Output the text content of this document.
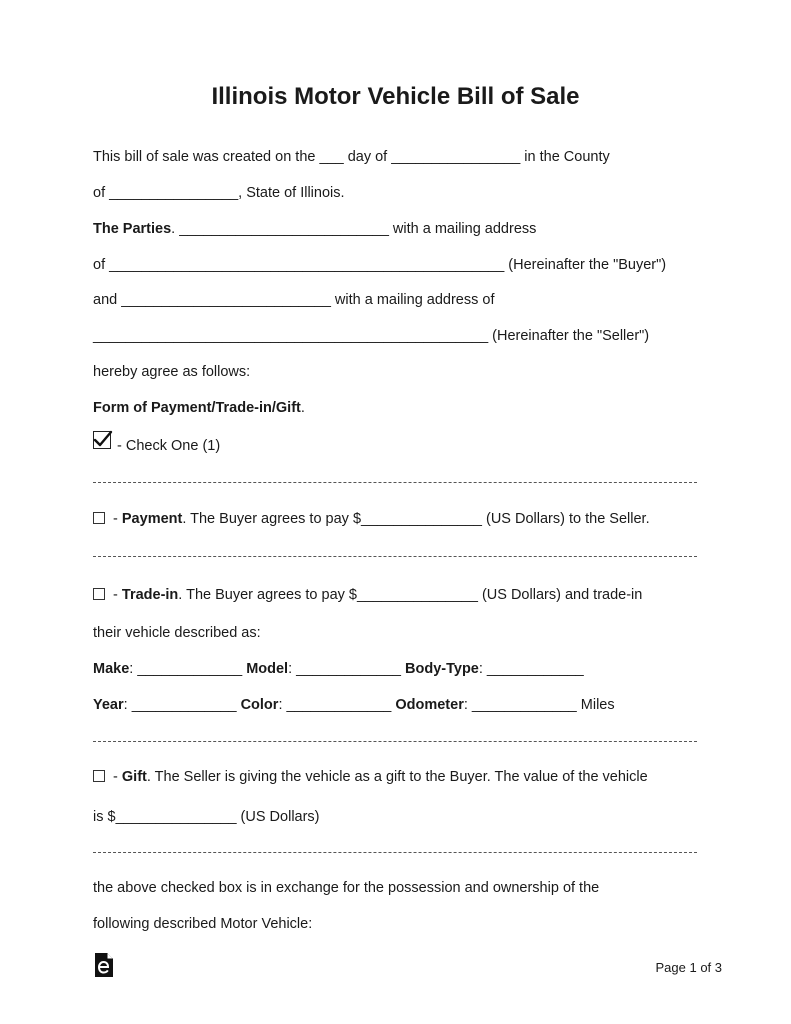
Illinois Motor Vehicle Bill of Sale
This bill of sale was created on the ___ day of ________________ in the County
of ________________, State of Illinois.
The Parties. __________________________ with a mailing address
of _________________________________________________ (Hereinafter the "Buyer")
and __________________________ with a mailing address of
_________________________________________________ (Hereinafter the "Seller")
hereby agree as follows:
Form of Payment/Trade-in/Gift.
- Check One (1)
- Payment. The Buyer agrees to pay $_______________ (US Dollars) to the Seller.
- Trade-in. The Buyer agrees to pay $_______________ (US Dollars) and trade-in
their vehicle described as:
Make: _____________ Model: _____________ Body-Type: ____________
Year: _____________ Color: _____________ Odometer: _____________ Miles
- Gift. The Seller is giving the vehicle as a gift to the Buyer. The value of the vehicle
is $_______________ (US Dollars)
the above checked box is in exchange for the possession and ownership of the
following described Motor Vehicle:
Page 1 of 3
